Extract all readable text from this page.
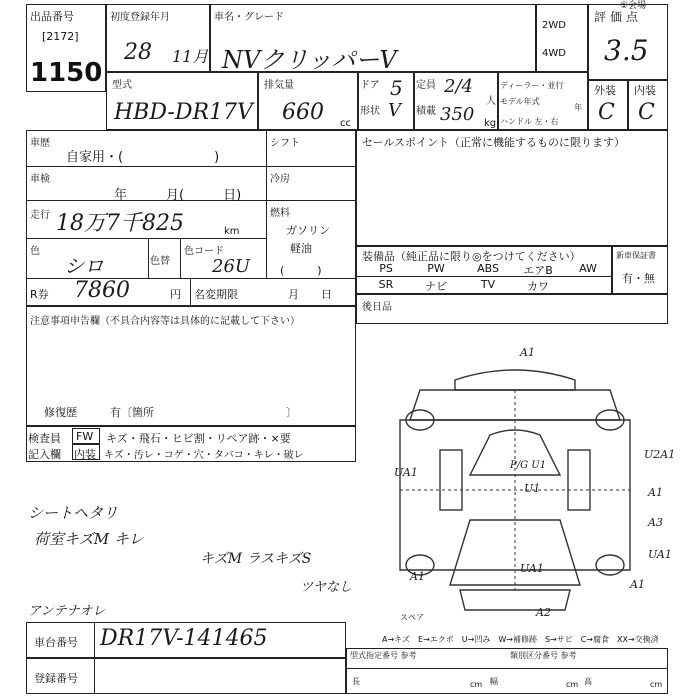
出品番号
[2172]
1150
初度登録年月
28 11月
車名・グレード
NVクリッパーV
2WD
4WD
評価点
3.5
①会場
型式
HBD-DR17V
排気量
660 cc
ドア 5
形状 V
定員 2/4
人
積載 350 kg
ディーラー・並行
モデル年式
年
ハンドル 左・右
外装 内装
C C
車歴
自家用・(　　　　　　　)
シフト
車検
年　　　月(　　　日)
冷房
走行 18万7千825	km
燃料
ガソリン
軽油
(　　　)
色
シロ	色替
色コード
26U
R券 7860	円 名変期限	月　　日
注意事項申告欄（不具合内容等は具体的に記載して下さい）
修復歴	有〔箇所　　　　　　　　　　　　〕
検査員
記入欄
FW
内装
キズ・飛石・ヒビ割・リペア跡・×要
キズ・汚レ・コゲ・穴・タバコ・キレ・破レ
シートヘタリ
荷室キズM キレ
キズM ラスキズS
ツヤなし
アンテナオレ
セールスポイント（正常に機能するものに限ります）
装備品（純正品に限り◎をつけてください）
PS	PW	ABS	エアB	AW
SR	ナビ	TV	カワ
新車保証書
有・無
後日品
A1
U2A1
UA1
A1
A3
UA1
A1
UA1
A1
A2
P/G U1
U1
スペア
A→キズ　E→エクボ　U→凹み　W→補修跡　S→サビ　C→腐食　XX→交換済
車台番号 DR17V-141465
登録番号
型式指定番号 参考	類別区分番号 参考
長	cm 幅	cm 高	cm
